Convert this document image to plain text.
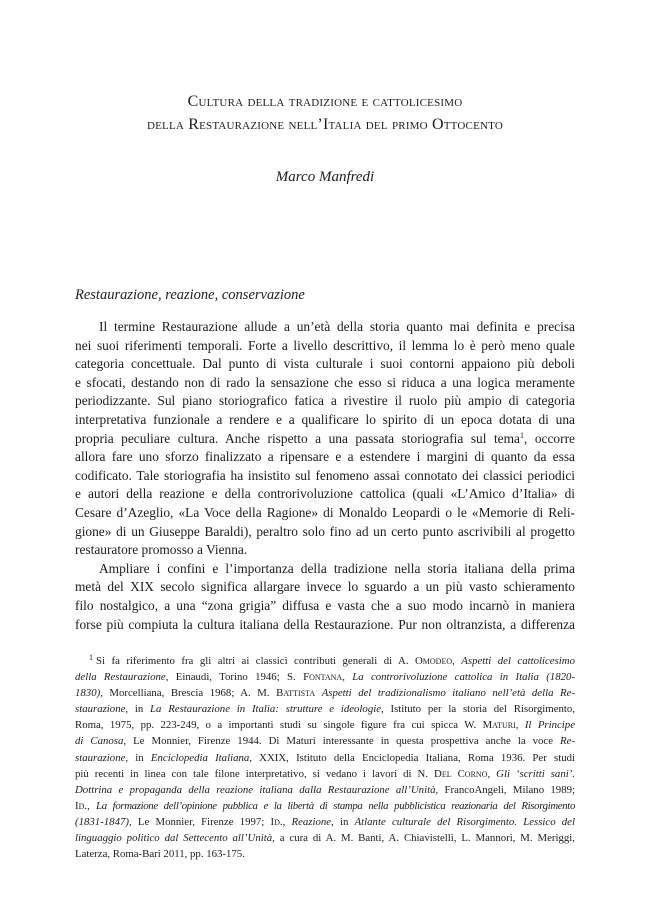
Cultura della tradizione e cattolicesimo
della Restaurazione nell’Italia del primo Ottocento
Marco Manfredi
Restaurazione, reazione, conservazione
Il termine Restaurazione allude a un’età della storia quanto mai definita e precisa
nei suoi riferimenti temporali. Forte a livello descrittivo, il lemma lo è però meno quale
categoria concettuale. Dal punto di vista culturale i suoi contorni appaiono più deboli
e sfocati, destando non di rado la sensazione che esso si riduca a una logica meramente
periodizzante. Sul piano storiografico fatica a rivestire il ruolo più ampio di categoria
interpretativa funzionale a rendere e a qualificare lo spirito di un epoca dotata di una
propria peculiare cultura. Anche rispetto a una passata storiografia sul tema$^1$, occorre
allora fare uno sforzo finalizzato a ripensare e a estendere i margini di quanto da essa
codificato. Tale storiografia ha insistito sul fenomeno assai connotato dei classici periodici
e autori della reazione e della controrivoluzione cattolica (quali «L’Amico d’Italia» di
Cesare d’Azeglio, «La Voce della Ragione» di Monaldo Leopardi o le «Memorie di Reli-
gione» di un Giuseppe Baraldi), peraltro solo fino ad un certo punto ascrivibili al progetto
restauratore promosso a Vienna.
Ampliare i confini e l’importanza della tradizione nella storia italiana della prima
metà del XIX secolo significa allargare invece lo sguardo a un più vasto schieramento
filo nostalgico, a una “zona grigia” diffusa e vasta che a suo modo incarnò in maniera
forse più compiuta la cultura italiana della Restaurazione. Pur non oltranzista, a differenza
$^1$ Si fa riferimento fra gli altri ai classici contributi generali di A. Omodeo, Aspetti del cattolicesimo
della Restaurazione, Einaudi, Torino 1946; S. Fontana, La controrivoluzione cattolica in Italia (1820-
1830), Morcelliana, Brescia 1968; A. M. Battista Aspetti del tradizionalismo italiano nell’età della Re-
staurazione, in La Restaurazione in Italia: strutture e ideologie, Istituto per la storia del Risorgimento,
Roma, 1975, pp. 223-249, o a importanti studi su singole figure fra cui spicca W. Maturi, Il Principe
di Canosa, Le Monnier, Firenze 1944. Di Maturi interessante in questa prospettiva anche la voce Re-
staurazione, in Enciclopedia Italiana, XXIX, Istituto della Enciclopedia Italiana, Roma 1936. Per studi
più recenti in linea con tale filone interpretativo, si vedano i lavori di N. Del Corno, Gli ‘scritti sani’.
Dottrina e propaganda della reazione italiana dalla Restaurazione all’Unità, FrancoAngeli, Milano 1989;
Id., La formazione dell’opinione pubblica e la libertà di stampa nella pubblicistica reazionaria del Risorgimento
(1831-1847), Le Monnier, Firenze 1997; Id., Reazione, in Atlante culturale del Risorgimento. Lessico del
linguaggio politico dal Settecento all’Unità, a cura di A. M. Banti, A. Chiavistelli, L. Mannori, M. Meriggi,
Laterza, Roma-Bari 2011, pp. 163-175.
